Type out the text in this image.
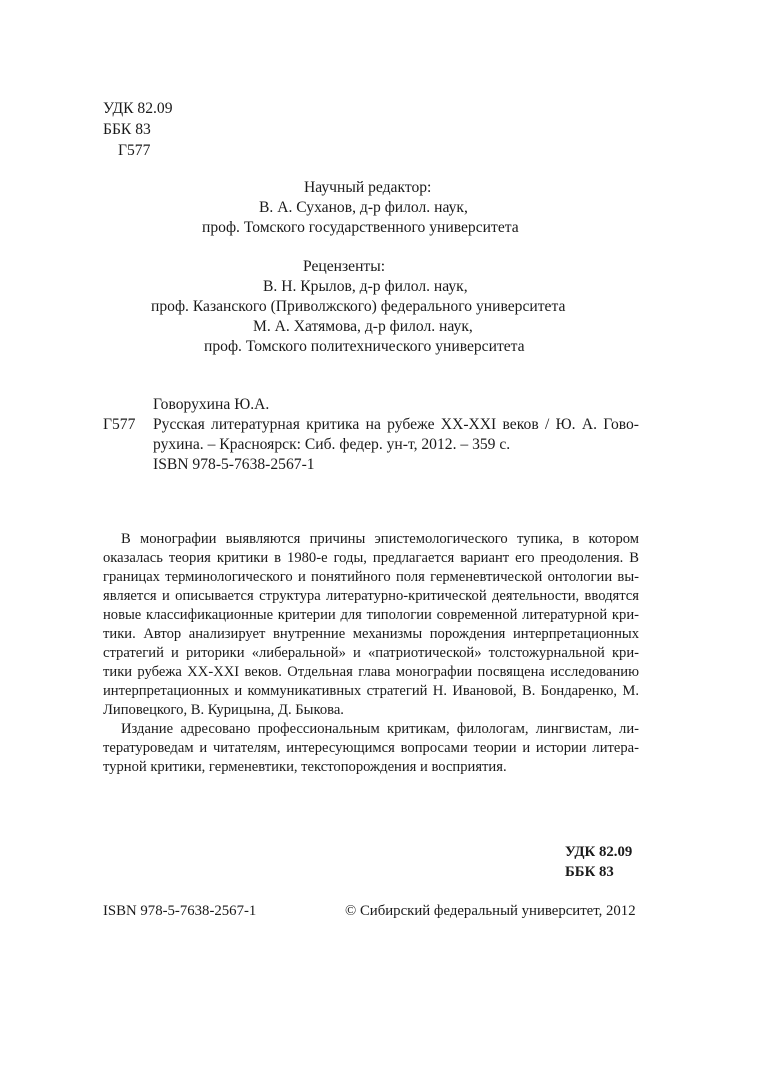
УДК 82.09
ББК 83
Г577
Научный редактор:
В. А. Суханов, д-р филол. наук,
проф. Томского государственного университета
Рецензенты:
В. Н. Крылов, д-р филол. наук,
проф. Казанского (Приволжского) федерального университета
М. А. Хатямова, д-р филол. наук,
проф. Томского политехнического университета
Говорухина Ю.А.
Г577 Русская литературная критика на рубеже XX-XXI веков / Ю. А. Гово-
рухина. – Красноярск: Сиб. федер. ун-т, 2012. – 359 с.
ISBN 978-5-7638-2567-1
В монографии выявляются причины эпистемологического тупика, в котором
оказалась теория критики в 1980-е годы, предлагается вариант его преодоления. В
границах терминологического и понятийного поля герменевтической онтологии вы-
является и описывается структура литературно-критической деятельности, вводятся
новые классификационные критерии для типологии современной литературной кри-
тики. Автор анализирует внутренние механизмы порождения интерпретационных
стратегий и риторики «либеральной» и «патриотической» толстожурнальной кри-
тики рубежа XX-XXI веков. Отдельная глава монографии посвящена исследованию
интерпретационных и коммуникативных стратегий Н. Ивановой, В. Бондаренко, М.
Липовецкого, В. Курицына, Д. Быкова.
Издание адресовано профессиональным критикам, филологам, лингвистам, ли-
тературоведам и читателям, интересующимся вопросами теории и истории литера-
турной критики, герменевтики, текстопорождения и восприятия.
УДК 82.09
ББК 83
ISBN 978-5-7638-2567-1	© Сибирский федеральный университет, 2012
